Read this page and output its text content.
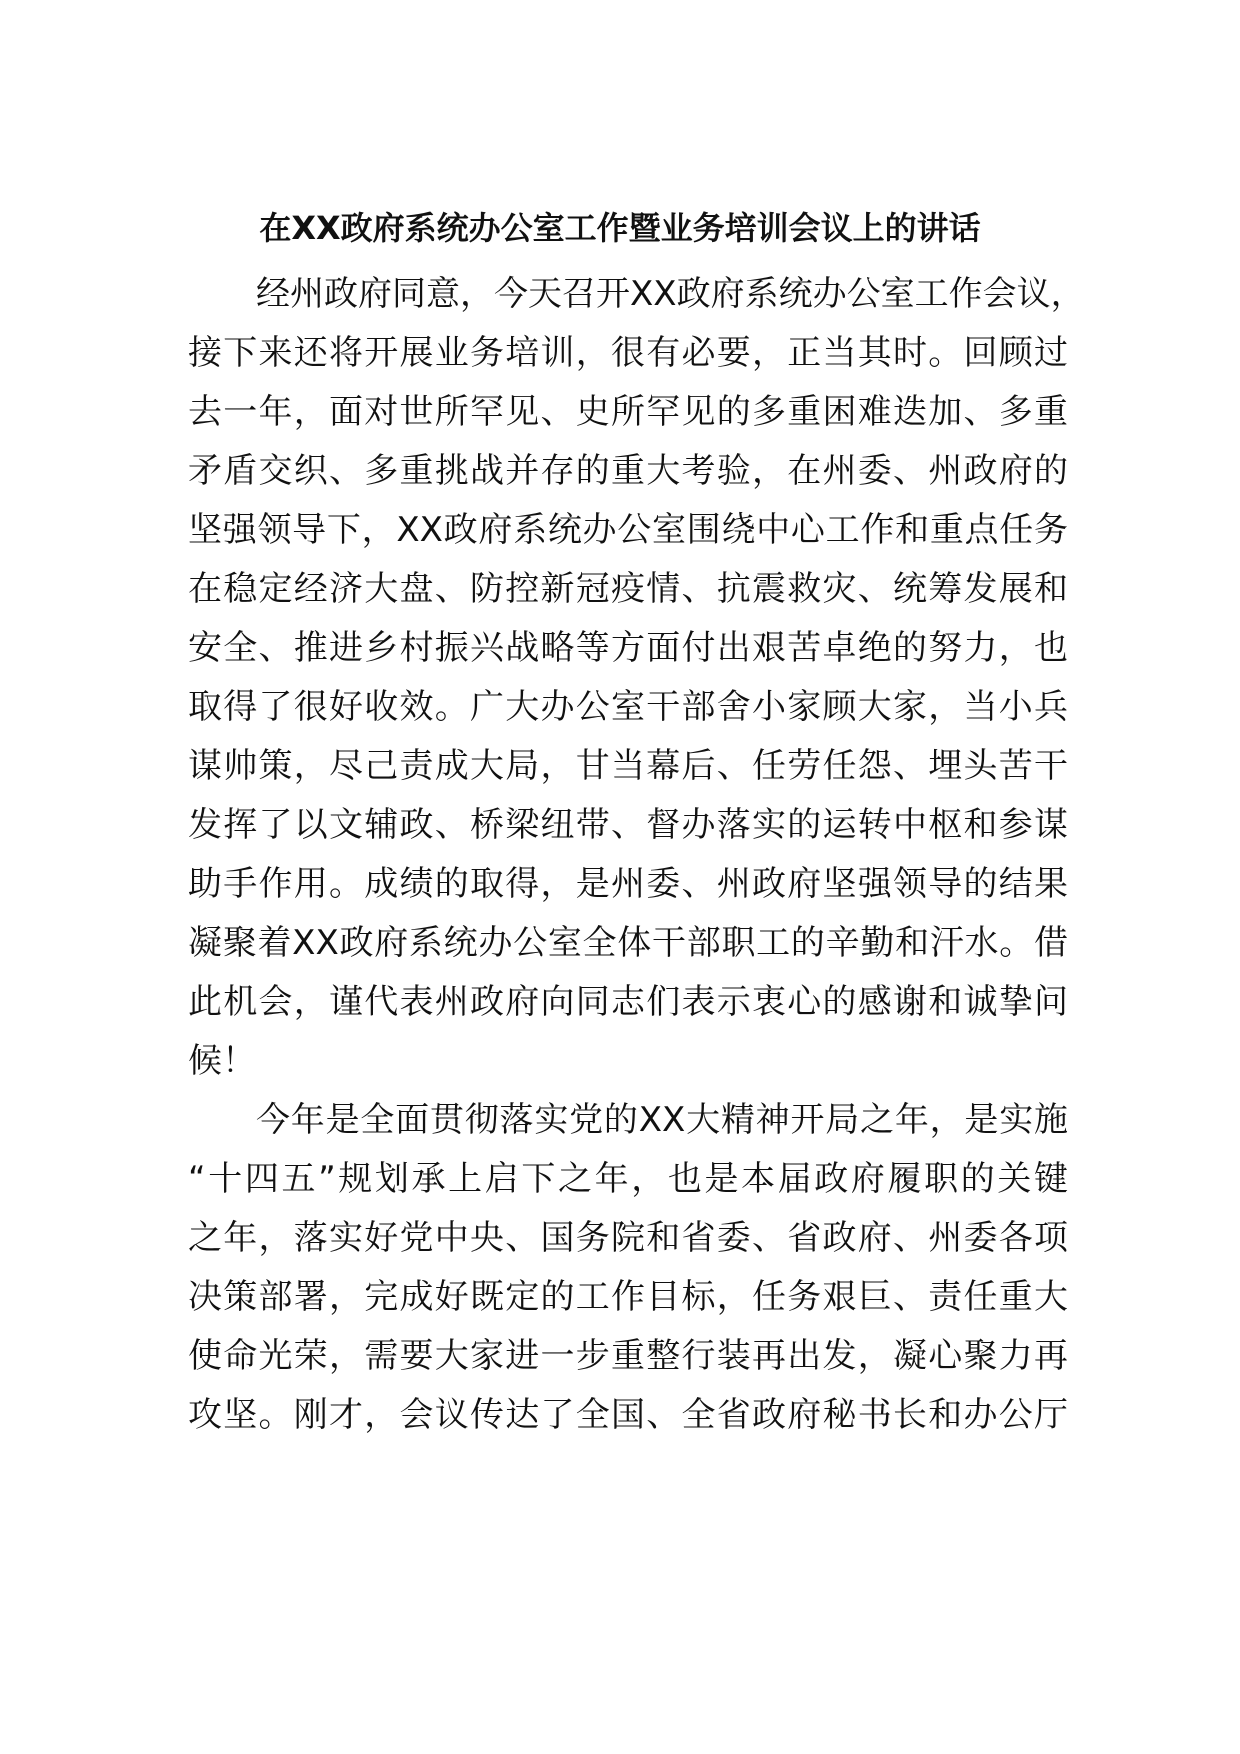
在XX政府系统办公室工作暨业务培训会议上的讲话
经州政府同意，今天召开XX政府系统办公室工作会议，
接下来还将开展业务培训，很有必要，正当其时。回顾过
去一年，面对世所罕见、史所罕见的多重困难迭加、多重
矛盾交织、多重挑战并存的重大考验，在州委、州政府的
坚强领导下，XX政府系统办公室围绕中心工作和重点任务
在稳定经济大盘、防控新冠疫情、抗震救灾、统筹发展和
安全、推进乡村振兴战略等方面付出艰苦卓绝的努力，也
取得了很好收效。广大办公室干部舍小家顾大家，当小兵
谋帅策，尽己责成大局，甘当幕后、任劳任怨、埋头苦干
发挥了以文辅政、桥梁纽带、督办落实的运转中枢和参谋
助手作用。成绩的取得，是州委、州政府坚强领导的结果
凝聚着XX政府系统办公室全体干部职工的辛勤和汗水。借
此机会，谨代表州政府向同志们表示衷心的感谢和诚挚问
候！
今年是全面贯彻落实党的XX大精神开局之年，是实施
“十四五”规划承上启下之年，也是本届政府履职的关键
之年，落实好党中央、国务院和省委、省政府、州委各项
决策部署，完成好既定的工作目标，任务艰巨、责任重大
使命光荣，需要大家进一步重整行装再出发，凝心聚力再
攻坚。刚才，会议传达了全国、全省政府秘书长和办公厅
